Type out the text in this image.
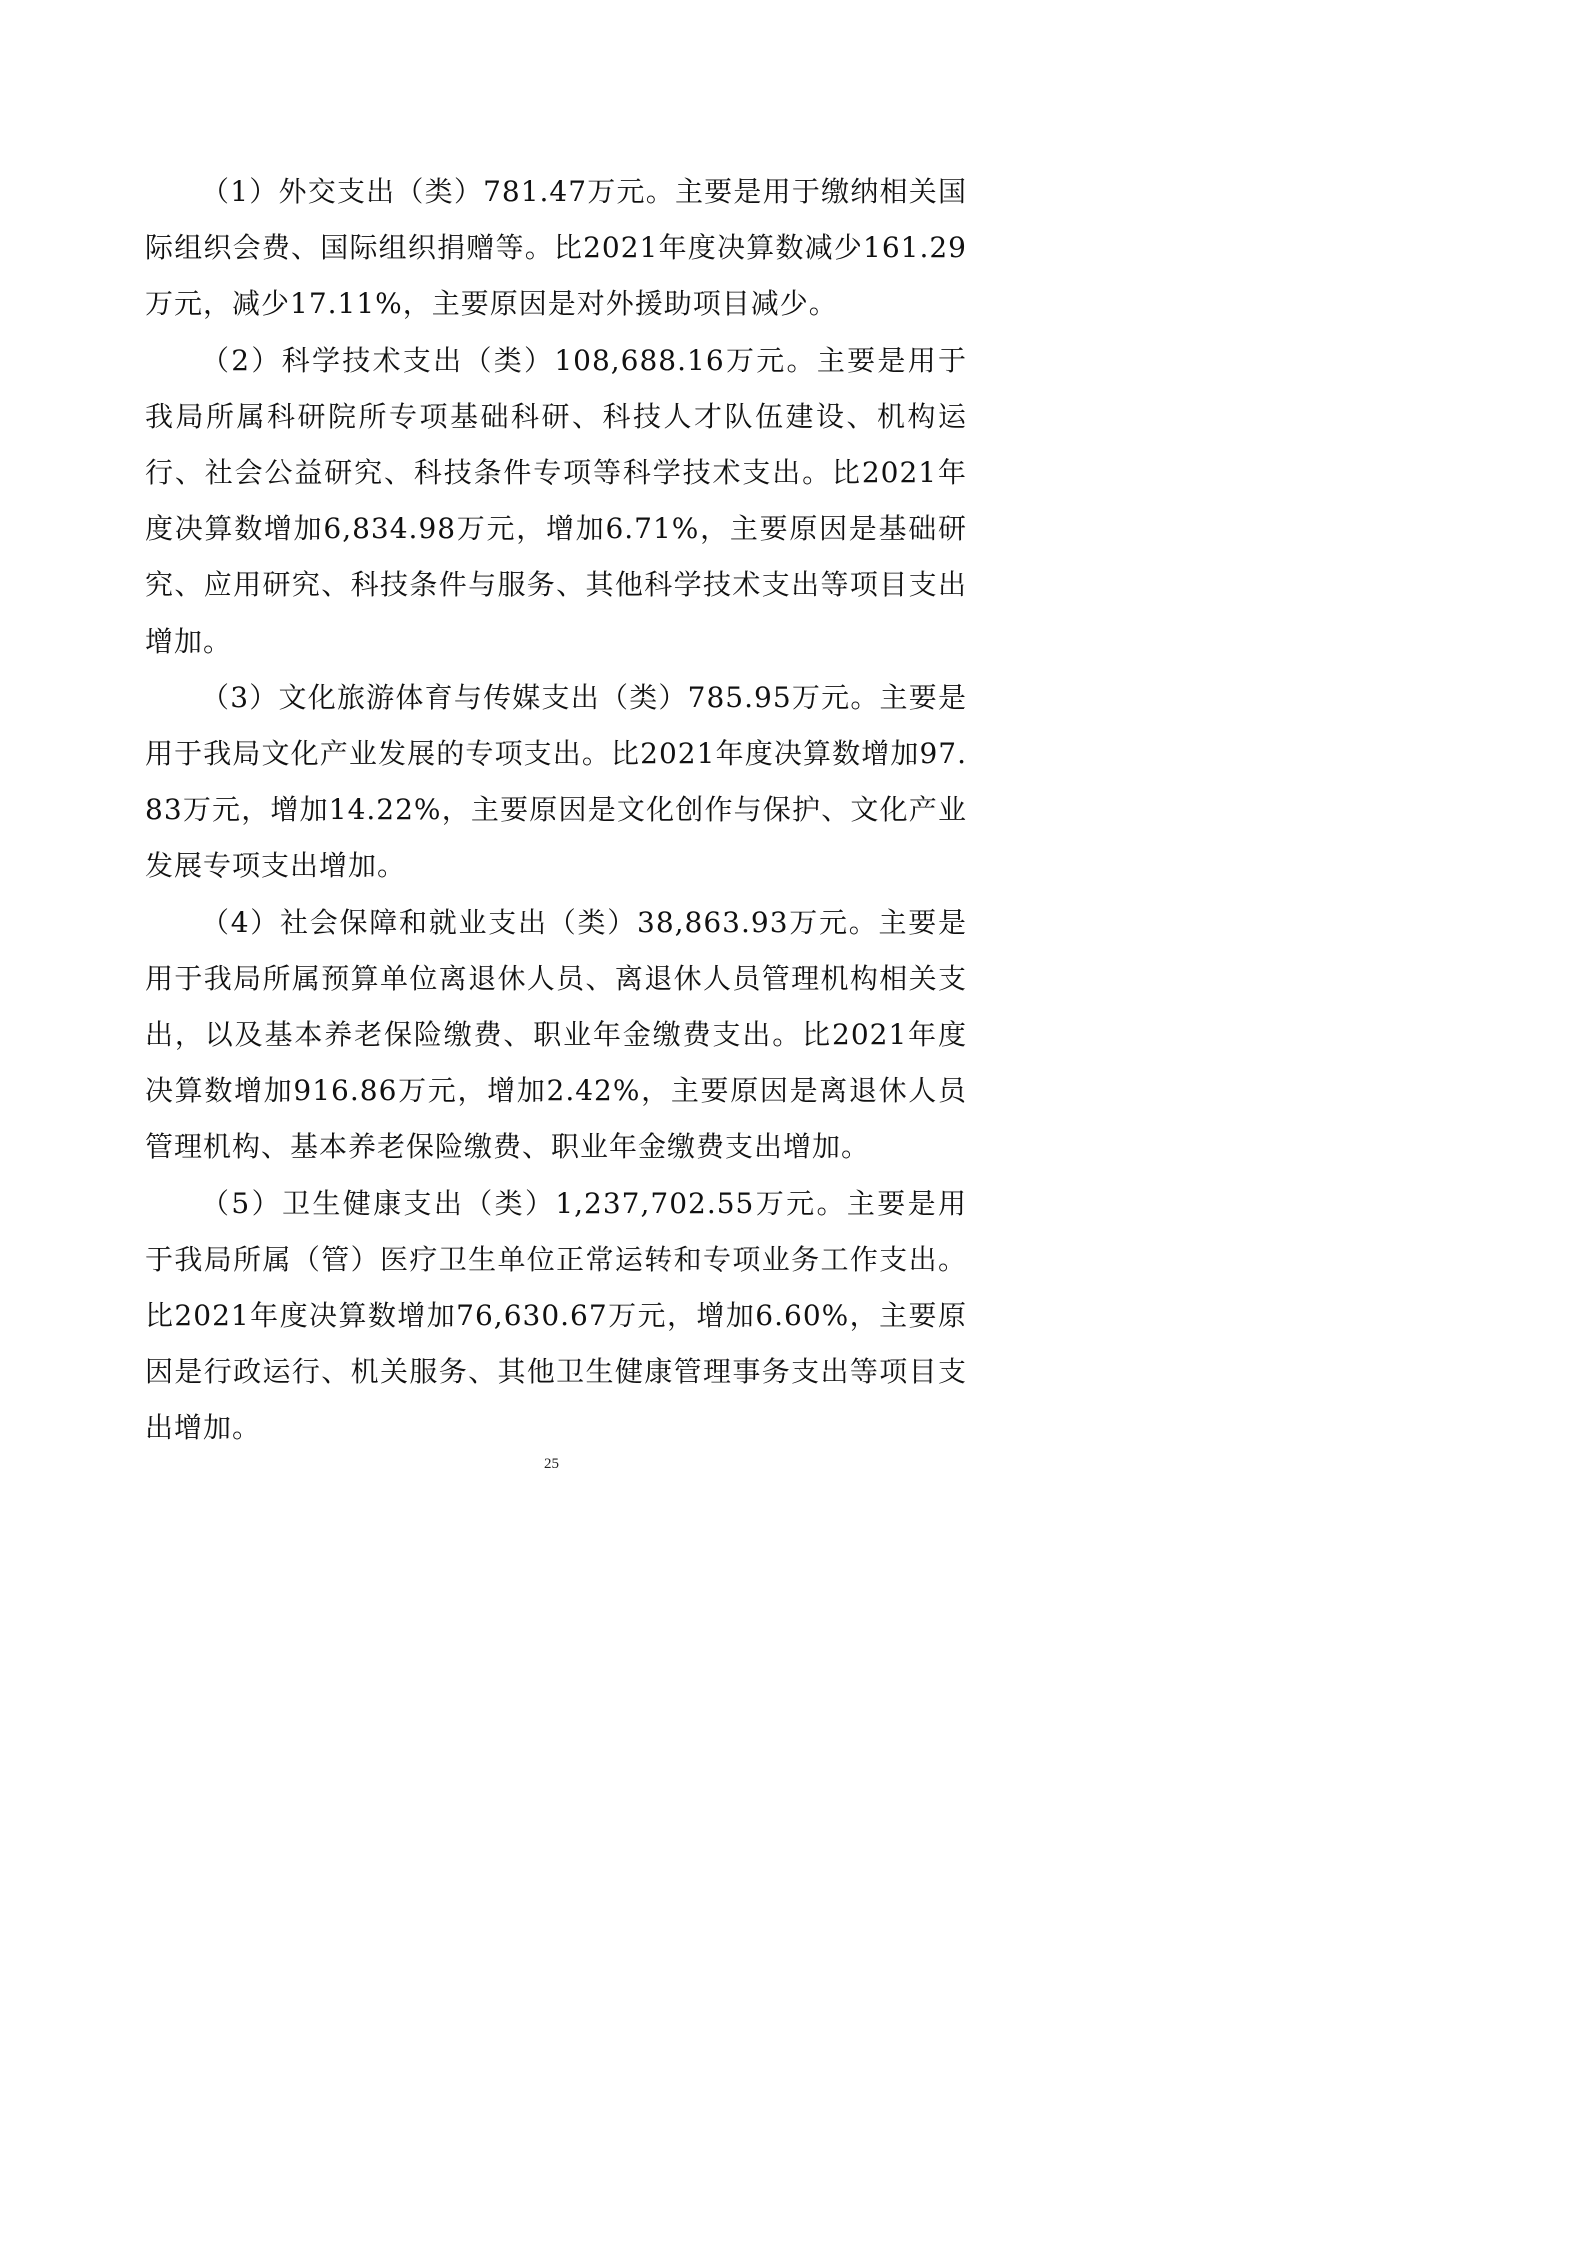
（1）外交支出（类）781.47万元。主要是用于缴纳相关国际组织会费、国际组织捐赠等。比2021年度决算数减少161.29万元，减少17.11%，主要原因是对外援助项目减少。

（2）科学技术支出（类）108,688.16万元。主要是用于我局所属科研院所专项基础科研、科技人才队伍建设、机构运行、社会公益研究、科技条件专项等科学技术支出。比2021年度决算数增加6,834.98万元，增加6.71%，主要原因是基础研究、应用研究、科技条件与服务、其他科学技术支出等项目支出增加。

（3）文化旅游体育与传媒支出（类）785.95万元。主要是用于我局文化产业发展的专项支出。比2021年度决算数增加97.83万元，增加14.22%，主要原因是文化创作与保护、文化产业发展专项支出增加。

（4）社会保障和就业支出（类）38,863.93万元。主要是用于我局所属预算单位离退休人员、离退休人员管理机构相关支出，以及基本养老保险缴费、职业年金缴费支出。比2021年度决算数增加916.86万元，增加2.42%，主要原因是离退休人员管理机构、基本养老保险缴费、职业年金缴费支出增加。

（5）卫生健康支出（类）1,237,702.55万元。主要是用于我局所属（管）医疗卫生单位正常运转和专项业务工作支出。比2021年度决算数增加76,630.67万元，增加6.60%，主要原因是行政运行、机关服务、其他卫生健康管理事务支出等项目支出增加。

25
